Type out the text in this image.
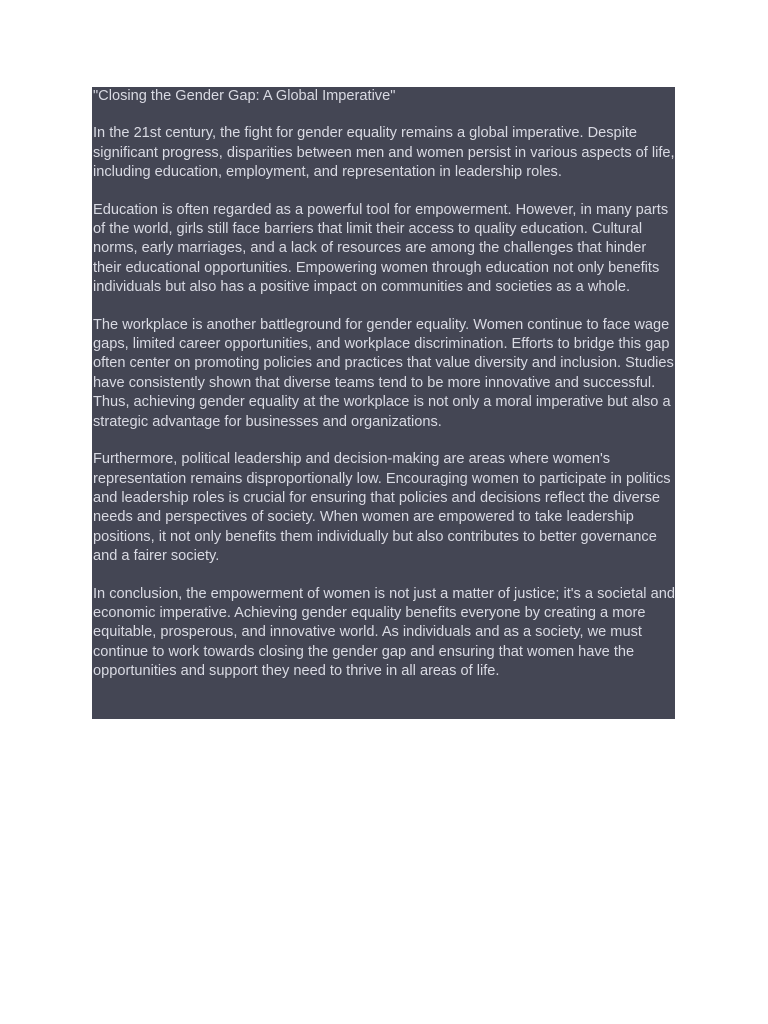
"Closing the Gender Gap: A Global Imperative"

In the 21st century, the fight for gender equality remains a global imperative. Despite significant progress, disparities between men and women persist in various aspects of life, including education, employment, and representation in leadership roles.

Education is often regarded as a powerful tool for empowerment. However, in many parts of the world, girls still face barriers that limit their access to quality education. Cultural norms, early marriages, and a lack of resources are among the challenges that hinder their educational opportunities. Empowering women through education not only benefits individuals but also has a positive impact on communities and societies as a whole.

The workplace is another battleground for gender equality. Women continue to face wage gaps, limited career opportunities, and workplace discrimination. Efforts to bridge this gap often center on promoting policies and practices that value diversity and inclusion. Studies have consistently shown that diverse teams tend to be more innovative and successful. Thus, achieving gender equality at the workplace is not only a moral imperative but also a strategic advantage for businesses and organizations.

Furthermore, political leadership and decision-making are areas where women's representation remains disproportionally low. Encouraging women to participate in politics and leadership roles is crucial for ensuring that policies and decisions reflect the diverse needs and perspectives of society. When women are empowered to take leadership positions, it not only benefits them individually but also contributes to better governance and a fairer society.

In conclusion, the empowerment of women is not just a matter of justice; it's a societal and economic imperative. Achieving gender equality benefits everyone by creating a more equitable, prosperous, and innovative world. As individuals and as a society, we must continue to work towards closing the gender gap and ensuring that women have the opportunities and support they need to thrive in all areas of life.
